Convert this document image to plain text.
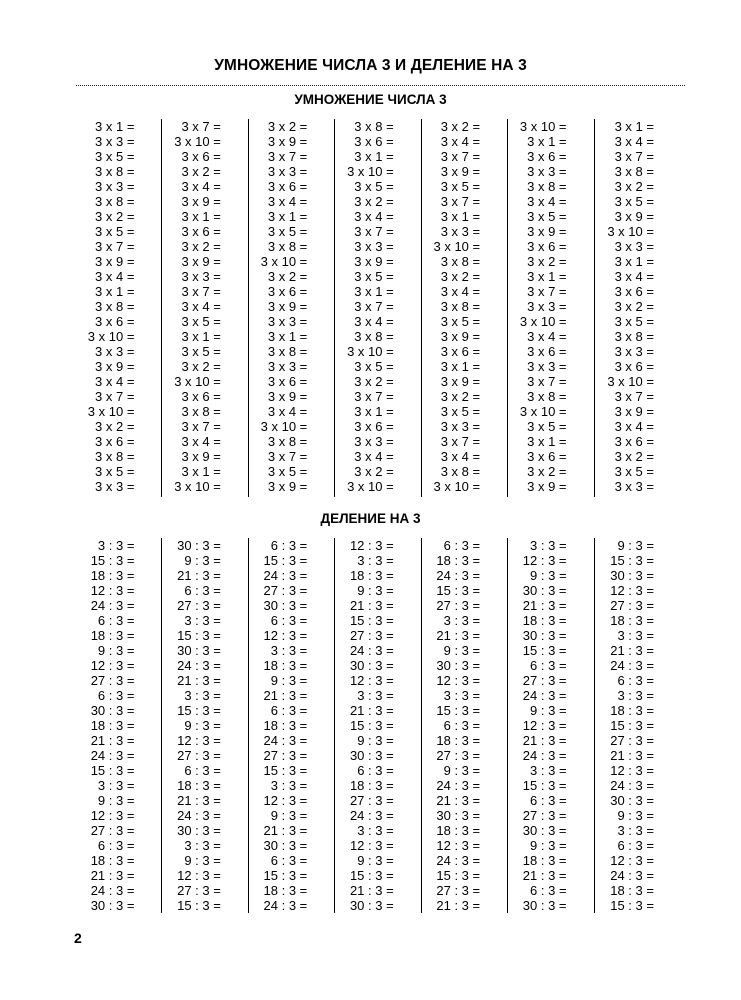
УМНОЖЕНИЕ ЧИСЛА 3 И ДЕЛЕНИЕ НА 3
УМНОЖЕНИЕ ЧИСЛА 3
3 х 1 =
3 х 3 =
3 х 5 =
3 х 8 =
3 х 3 =
3 х 8 =
3 х 2 =
3 х 5 =
3 х 7 =
3 х 9 =
3 х 4 =
3 х 1 =
3 х 8 =
3 х 6 =
3 х 10 =
3 х 3 =
3 х 9 =
3 х 4 =
3 х 7 =
3 х 10 =
3 х 2 =
3 х 6 =
3 х 8 =
3 х 5 =
3 х 3 =
3 х 7 =
3 х 10 =
3 х 6 =
3 х 2 =
3 х 4 =
3 х 9 =
3 х 1 =
3 х 6 =
3 х 2 =
3 х 9 =
3 х 3 =
3 х 7 =
3 х 4 =
3 х 5 =
3 х 1 =
3 х 5 =
3 х 2 =
3 х 10 =
3 х 6 =
3 х 8 =
3 х 7 =
3 х 4 =
3 х 9 =
3 х 1 =
3 х 10 =
3 х 2 =
3 х 9 =
3 х 7 =
3 х 3 =
3 х 6 =
3 х 4 =
3 х 1 =
3 х 5 =
3 х 8 =
3 х 10 =
3 х 2 =
3 х 6 =
3 х 9 =
3 х 3 =
3 х 1 =
3 х 8 =
3 х 3 =
3 х 6 =
3 х 9 =
3 х 4 =
3 х 10 =
3 х 8 =
3 х 7 =
3 х 5 =
3 х 9 =
3 х 8 =
3 х 6 =
3 х 1 =
3 х 10 =
3 х 5 =
3 х 2 =
3 х 4 =
3 х 7 =
3 х 3 =
3 х 9 =
3 х 5 =
3 х 1 =
3 х 7 =
3 х 4 =
3 х 8 =
3 х 10 =
3 х 5 =
3 х 2 =
3 х 7 =
3 х 1 =
3 х 6 =
3 х 3 =
3 х 4 =
3 х 2 =
3 х 10 =
3 х 2 =
3 х 4 =
3 х 7 =
3 х 9 =
3 х 5 =
3 х 7 =
3 х 1 =
3 х 3 =
3 х 10 =
3 х 8 =
3 х 2 =
3 х 4 =
3 х 8 =
3 х 5 =
3 х 9 =
3 х 6 =
3 х 1 =
3 х 9 =
3 х 2 =
3 х 5 =
3 х 3 =
3 х 7 =
3 х 4 =
3 х 8 =
3 х 10 =
3 х 10 =
3 х 1 =
3 х 6 =
3 х 3 =
3 х 8 =
3 х 4 =
3 х 5 =
3 х 9 =
3 х 6 =
3 х 2 =
3 х 1 =
3 х 7 =
3 х 3 =
3 х 10 =
3 х 4 =
3 х 6 =
3 х 3 =
3 х 7 =
3 х 8 =
3 х 10 =
3 х 5 =
3 х 1 =
3 х 6 =
3 х 2 =
3 х 9 =
3 х 1 =
3 х 4 =
3 х 7 =
3 х 8 =
3 х 2 =
3 х 5 =
3 х 9 =
3 х 10 =
3 х 3 =
3 х 1 =
3 х 4 =
3 х 6 =
3 х 2 =
3 х 5 =
3 х 8 =
3 х 3 =
3 х 6 =
3 х 10 =
3 х 7 =
3 х 9 =
3 х 4 =
3 х 6 =
3 х 2 =
3 х 5 =
3 х 3 =
ДЕЛЕНИЕ НА 3
3 : 3 =
15 : 3 =
18 : 3 =
12 : 3 =
24 : 3 =
6 : 3 =
18 : 3 =
9 : 3 =
12 : 3 =
27 : 3 =
6 : 3 =
30 : 3 =
18 : 3 =
21 : 3 =
24 : 3 =
15 : 3 =
3 : 3 =
9 : 3 =
12 : 3 =
27 : 3 =
6 : 3 =
18 : 3 =
21 : 3 =
24 : 3 =
30 : 3 =
30 : 3 =
9 : 3 =
21 : 3 =
6 : 3 =
27 : 3 =
3 : 3 =
15 : 3 =
30 : 3 =
24 : 3 =
21 : 3 =
3 : 3 =
15 : 3 =
9 : 3 =
12 : 3 =
27 : 3 =
6 : 3 =
18 : 3 =
21 : 3 =
24 : 3 =
30 : 3 =
3 : 3 =
9 : 3 =
12 : 3 =
27 : 3 =
15 : 3 =
6 : 3 =
15 : 3 =
24 : 3 =
27 : 3 =
30 : 3 =
6 : 3 =
12 : 3 =
3 : 3 =
18 : 3 =
9 : 3 =
21 : 3 =
6 : 3 =
18 : 3 =
24 : 3 =
27 : 3 =
15 : 3 =
3 : 3 =
12 : 3 =
9 : 3 =
21 : 3 =
30 : 3 =
6 : 3 =
15 : 3 =
18 : 3 =
24 : 3 =
12 : 3 =
3 : 3 =
18 : 3 =
9 : 3 =
21 : 3 =
15 : 3 =
27 : 3 =
24 : 3 =
30 : 3 =
12 : 3 =
3 : 3 =
21 : 3 =
15 : 3 =
9 : 3 =
30 : 3 =
6 : 3 =
18 : 3 =
27 : 3 =
24 : 3 =
3 : 3 =
12 : 3 =
9 : 3 =
15 : 3 =
21 : 3 =
30 : 3 =
6 : 3 =
18 : 3 =
24 : 3 =
15 : 3 =
27 : 3 =
3 : 3 =
21 : 3 =
9 : 3 =
30 : 3 =
12 : 3 =
3 : 3 =
15 : 3 =
6 : 3 =
18 : 3 =
27 : 3 =
9 : 3 =
24 : 3 =
21 : 3 =
30 : 3 =
18 : 3 =
12 : 3 =
24 : 3 =
15 : 3 =
27 : 3 =
21 : 3 =
3 : 3 =
12 : 3 =
9 : 3 =
30 : 3 =
21 : 3 =
18 : 3 =
30 : 3 =
15 : 3 =
6 : 3 =
27 : 3 =
24 : 3 =
9 : 3 =
12 : 3 =
21 : 3 =
24 : 3 =
3 : 3 =
15 : 3 =
6 : 3 =
27 : 3 =
30 : 3 =
9 : 3 =
18 : 3 =
21 : 3 =
6 : 3 =
30 : 3 =
9 : 3 =
15 : 3 =
30 : 3 =
12 : 3 =
27 : 3 =
18 : 3 =
3 : 3 =
21 : 3 =
24 : 3 =
6 : 3 =
3 : 3 =
18 : 3 =
15 : 3 =
27 : 3 =
21 : 3 =
12 : 3 =
24 : 3 =
30 : 3 =
9 : 3 =
3 : 3 =
6 : 3 =
12 : 3 =
24 : 3 =
18 : 3 =
15 : 3 =
2
